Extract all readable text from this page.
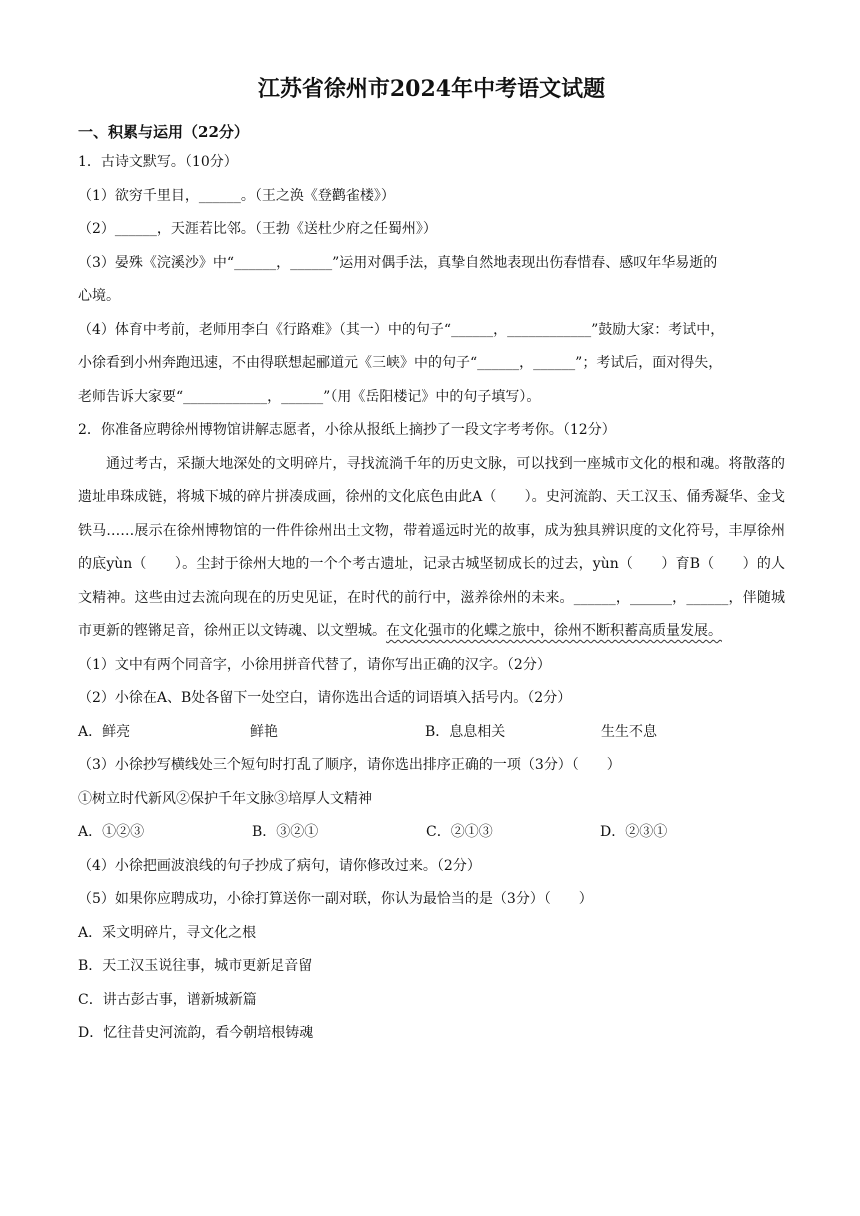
江苏省徐州市2024年中考语文试题

一、积累与运用（22分）

1．古诗文默写。（10分）

（1）欲穷千里目，______。（王之涣《登鹳雀楼》）

（2）______，天涯若比邻。（王勃《送杜少府之任蜀州》）

（3）晏殊《浣溪沙》中“______，______”运用对偶手法，真挚自然地表现出伤春惜春、感叹年华易逝的

心境。

（4）体育中考前，老师用李白《行路难》（其一）中的句子“______，____________”鼓励大家：考试中，

小徐看到小州奔跑迅速，不由得联想起郦道元《三峡》中的句子“______，______”；考试后，面对得失，

老师告诉大家要“____________，______”（用《岳阳楼记》中的句子填写）。

2．你准备应聘徐州博物馆讲解志愿者，小徐从报纸上摘抄了一段文字考考你。（12分）

通过考古，采撷大地深处的文明碎片，寻找流淌千年的历史文脉，可以找到一座城市文化的根和魂。将散落的遗址串珠成链，将城下城的碎片拼凑成画，徐州的文化底色由此A（　　）。史河流韵、天工汉玉、俑秀凝华、金戈铁马……展示在徐州博物馆的一件件徐州出土文物，带着遥远时光的故事，成为独具辨识度的文化符号，丰厚徐州的底yùn（　　）。尘封于徐州大地的一个个考古遗址，记录古城坚韧成长的过去，yùn（　　）育B（　　）的人文精神。这些由过去流向现在的历史见证，在时代的前行中，滋养徐州的未来。______，______，______，伴随城市更新的铿锵足音，徐州正以文铸魂、以文塑城。在文化强市的化蝶之旅中，徐州不断积蓄高质量发展。

（1）文中有两个同音字，小徐用拼音代替了，请你写出正确的汉字。（2分）

（2）小徐在A、B处各留下一处空白，请你选出合适的词语填入括号内。（2分）

A．鲜亮	鲜艳	B．息息相关	生生不息

（3）小徐抄写横线处三个短句时打乱了顺序，请你选出排序正确的一项（3分）（　　）

①树立时代新风②保护千年文脉③培厚人文精神

A．①②③	B．③②①	C．②①③	D．②③①

（4）小徐把画波浪线的句子抄成了病句，请你修改过来。（2分）

（5）如果你应聘成功，小徐打算送你一副对联，你认为最恰当的是（3分）（　　）

A．采文明碎片，寻文化之根

B．天工汉玉说往事，城市更新足音留

C．讲古彭古事，谱新城新篇

D．忆往昔史河流韵，看今朝培根铸魂
